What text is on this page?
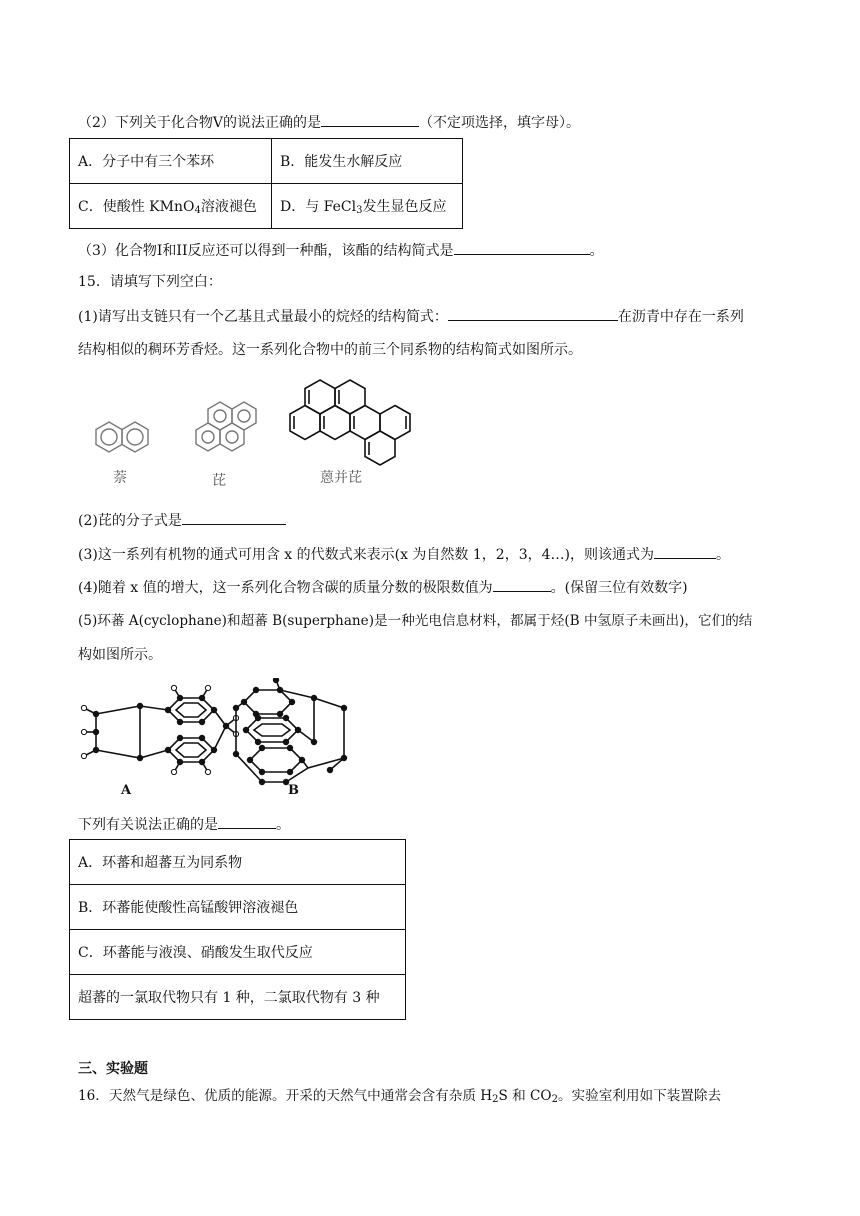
（2）下列关于化合物V的说法正确的是	（不定项选择，填字母）。
A．分子中有三个苯环	B．能发生水解反应
C．使酸性 KMnO$_4$溶液褪色	D．与 FeCl$_3$发生显色反应
（3）化合物I和II反应还可以得到一种酯，该酯的结构简式是	。
15．请填写下列空白：
(1)请写出支链只有一个乙基且式量最小的烷烃的结构简式：	在沥青中存在一系列
结构相似的稠环芳香烃。这一系列化合物中的前三个同系物的结构简式如图所示。
萘	芘	蒽并芘
(2)芘的分子式是
(3)这一系列有机物的通式可用含 x 的代数式来表示(x 为自然数 1，2，3，4…)，则该通式为	。
(4)随着 x 值的增大，这一系列化合物含碳的质量分数的极限数值为	。(保留三位有效数字)
(5)环蕃 A(cyclophane)和超蕃 B(superphane)是一种光电信息材料，都属于烃(B 中氢原子未画出)，它们的结
构如图所示。
A	B
下列有关说法正确的是	。
A．环蕃和超蕃互为同系物
B．环蕃能使酸性高锰酸钾溶液褪色
C．环蕃能与液溴、硝酸发生取代反应
超蕃的一氯取代物只有 1 种，二氯取代物有 3 种
三、实验题
16．天然气是绿色、优质的能源。开采的天然气中通常会含有杂质 $H_2S$ 和 $CO_2$。实验室利用如下装置除去
